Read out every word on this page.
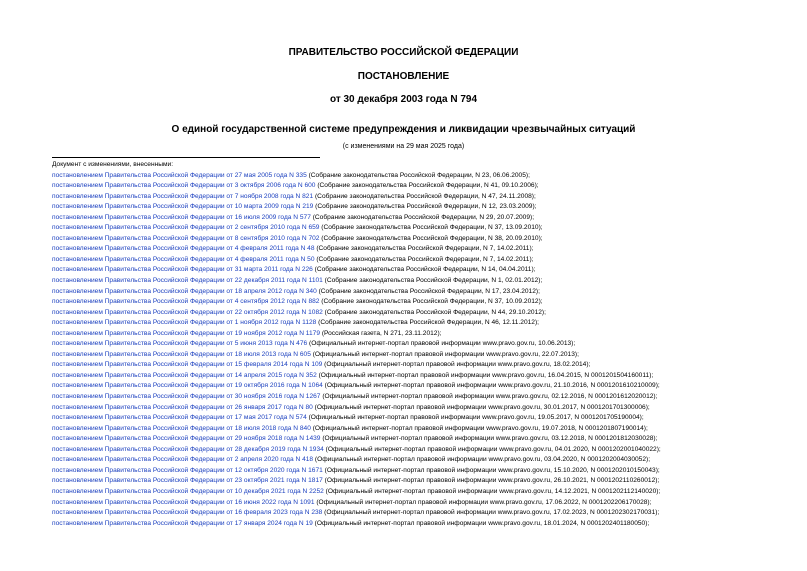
ПРАВИТЕЛЬСТВО РОССИЙСКОЙ ФЕДЕРАЦИИ
ПОСТАНОВЛЕНИЕ
от 30 декабря 2003 года N 794
О единой государственной системе предупреждения и ликвидации чрезвычайных ситуаций
(с изменениями на 29 мая 2025 года)
Документ с изменениями, внесенными:
постановлением Правительства Российской Федерации от 27 мая 2005 года N 335 (Собрание законодательства Российской Федерации, N 23, 06.06.2005);
постановлением Правительства Российской Федерации от 3 октября 2006 года N 600 (Собрание законодательства Российской Федерации, N 41, 09.10.2006);
постановлением Правительства Российской Федерации от 7 ноября 2008 года N 821 (Собрание законодательства Российской Федерации, N 47, 24.11.2008);
постановлением Правительства Российской Федерации от 10 марта 2009 года N 219 (Собрание законодательства Российской Федерации, N 12, 23.03.2009);
постановлением Правительства Российской Федерации от 16 июля 2009 года N 577 (Собрание законодательства Российской Федерации, N 29, 20.07.2009);
постановлением Правительства Российской Федерации от 2 сентября 2010 года N 659 (Собрание законодательства Российской Федерации, N 37, 13.09.2010);
постановлением Правительства Российской Федерации от 8 сентября 2010 года N 702 (Собрание законодательства Российской Федерации, N 38, 20.09.2010);
постановлением Правительства Российской Федерации от 4 февраля 2011 года N 48 (Собрание законодательства Российской Федерации, N 7, 14.02.2011);
постановлением Правительства Российской Федерации от 4 февраля 2011 года N 50 (Собрание законодательства Российской Федерации, N 7, 14.02.2011);
постановлением Правительства Российской Федерации от 31 марта 2011 года N 226 (Собрание законодательства Российской Федерации, N 14, 04.04.2011);
постановлением Правительства Российской Федерации от 22 декабря 2011 года N 1101 (Собрание законодательства Российской Федерации, N 1, 02.01.2012);
постановлением Правительства Российской Федерации от 18 апреля 2012 года N 340 (Собрание законодательства Российской Федерации, N 17, 23.04.2012);
постановлением Правительства Российской Федерации от 4 сентября 2012 года N 882 (Собрание законодательства Российской Федерации, N 37, 10.09.2012);
постановлением Правительства Российской Федерации от 22 октября 2012 года N 1082 (Собрание законодательства Российской Федерации, N 44, 29.10.2012);
постановлением Правительства Российской Федерации от 1 ноября 2012 года N 1128 (Собрание законодательства Российской Федерации, N 46, 12.11.2012);
постановлением Правительства Российской Федерации от 19 ноября 2012 года N 1179 (Российская газета, N 271, 23.11.2012);
постановлением Правительства Российской Федерации от 5 июня 2013 года N 476 (Официальный интернет-портал правовой информации www.pravo.gov.ru, 10.06.2013);
постановлением Правительства Российской Федерации от 18 июля 2013 года N 605 (Официальный интернет-портал правовой информации www.pravo.gov.ru, 22.07.2013);
постановлением Правительства Российской Федерации от 15 февраля 2014 года N 109 (Официальный интернет-портал правовой информации www.pravo.gov.ru, 18.02.2014);
постановлением Правительства Российской Федерации от 14 апреля 2015 года N 352 (Официальный интернет-портал правовой информации www.pravo.gov.ru, 16.04.2015, N 0001201504160011);
постановлением Правительства Российской Федерации от 19 октября 2016 года N 1064 (Официальный интернет-портал правовой информации www.pravo.gov.ru, 21.10.2016, N 0001201610210009);
постановлением Правительства Российской Федерации от 30 ноября 2016 года N 1267 (Официальный интернет-портал правовой информации www.pravo.gov.ru, 02.12.2016, N 0001201612020012);
постановлением Правительства Российской Федерации от 26 января 2017 года N 80 (Официальный интернет-портал правовой информации www.pravo.gov.ru, 30.01.2017, N 0001201701300006);
постановлением Правительства Российской Федерации от 17 мая 2017 года N 574 (Официальный интернет-портал правовой информации www.pravo.gov.ru, 19.05.2017, N 0001201705190004);
постановлением Правительства Российской Федерации от 18 июля 2018 года N 840 (Официальный интернет-портал правовой информации www.pravo.gov.ru, 19.07.2018, N 0001201807190014);
постановлением Правительства Российской Федерации от 29 ноября 2018 года N 1439 (Официальный интернет-портал правовой информации www.pravo.gov.ru, 03.12.2018, N 0001201812030028);
постановлением Правительства Российской Федерации от 28 декабря 2019 года N 1934 (Официальный интернет-портал правовой информации www.pravo.gov.ru, 04.01.2020, N 0001202001040022);
постановлением Правительства Российской Федерации от 2 апреля 2020 года N 418 (Официальный интернет-портал правовой информации www.pravo.gov.ru, 03.04.2020, N 0001202004030052);
постановлением Правительства Российской Федерации от 12 октября 2020 года N 1671 (Официальный интернет-портал правовой информации www.pravo.gov.ru, 15.10.2020, N 0001202010150043);
постановлением Правительства Российской Федерации от 23 октября 2021 года N 1817 (Официальный интернет-портал правовой информации www.pravo.gov.ru, 26.10.2021, N 0001202110260012);
постановлением Правительства Российской Федерации от 10 декабря 2021 года N 2252 (Официальный интернет-портал правовой информации www.pravo.gov.ru, 14.12.2021, N 0001202112140020);
постановлением Правительства Российской Федерации от 16 июня 2022 года N 1091 (Официальный интернет-портал правовой информации www.pravo.gov.ru, 17.06.2022, N 0001202206170028);
постановлением Правительства Российской Федерации от 16 февраля 2023 года N 238 (Официальный интернет-портал правовой информации www.pravo.gov.ru, 17.02.2023, N 0001202302170031);
постановлением Правительства Российской Федерации от 17 января 2024 года N 19 (Официальный интернет-портал правовой информации www.pravo.gov.ru, 18.01.2024, N 0001202401180050);
